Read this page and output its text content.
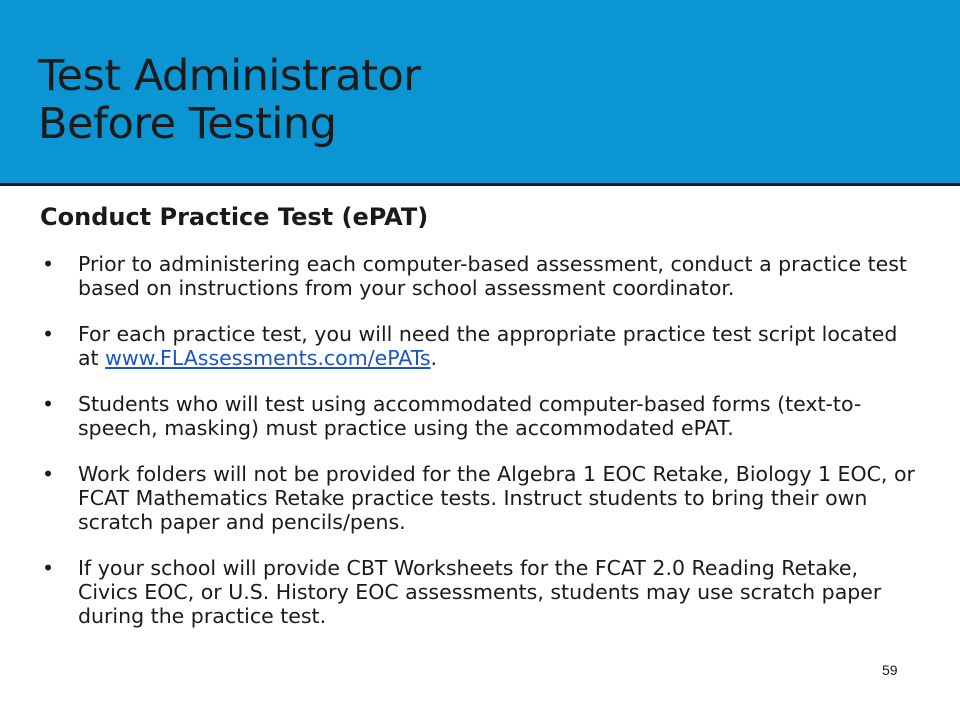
Test Administrator
Before Testing
Conduct Practice Test (ePAT)
• Prior to administering each computer-based assessment, conduct a practice test based on instructions from your school assessment coordinator.
• For each practice test, you will need the appropriate practice test script located at www.FLAssessments.com/ePATs.
• Students who will test using accommodated computer-based forms (text-to-speech, masking) must practice using the accommodated ePAT.
• Work folders will not be provided for the Algebra 1 EOC Retake, Biology 1 EOC, or FCAT Mathematics Retake practice tests. Instruct students to bring their own scratch paper and pencils/pens.
• If your school will provide CBT Worksheets for the FCAT 2.0 Reading Retake, Civics EOC, or U.S. History EOC assessments, students may use scratch paper during the practice test.
59
